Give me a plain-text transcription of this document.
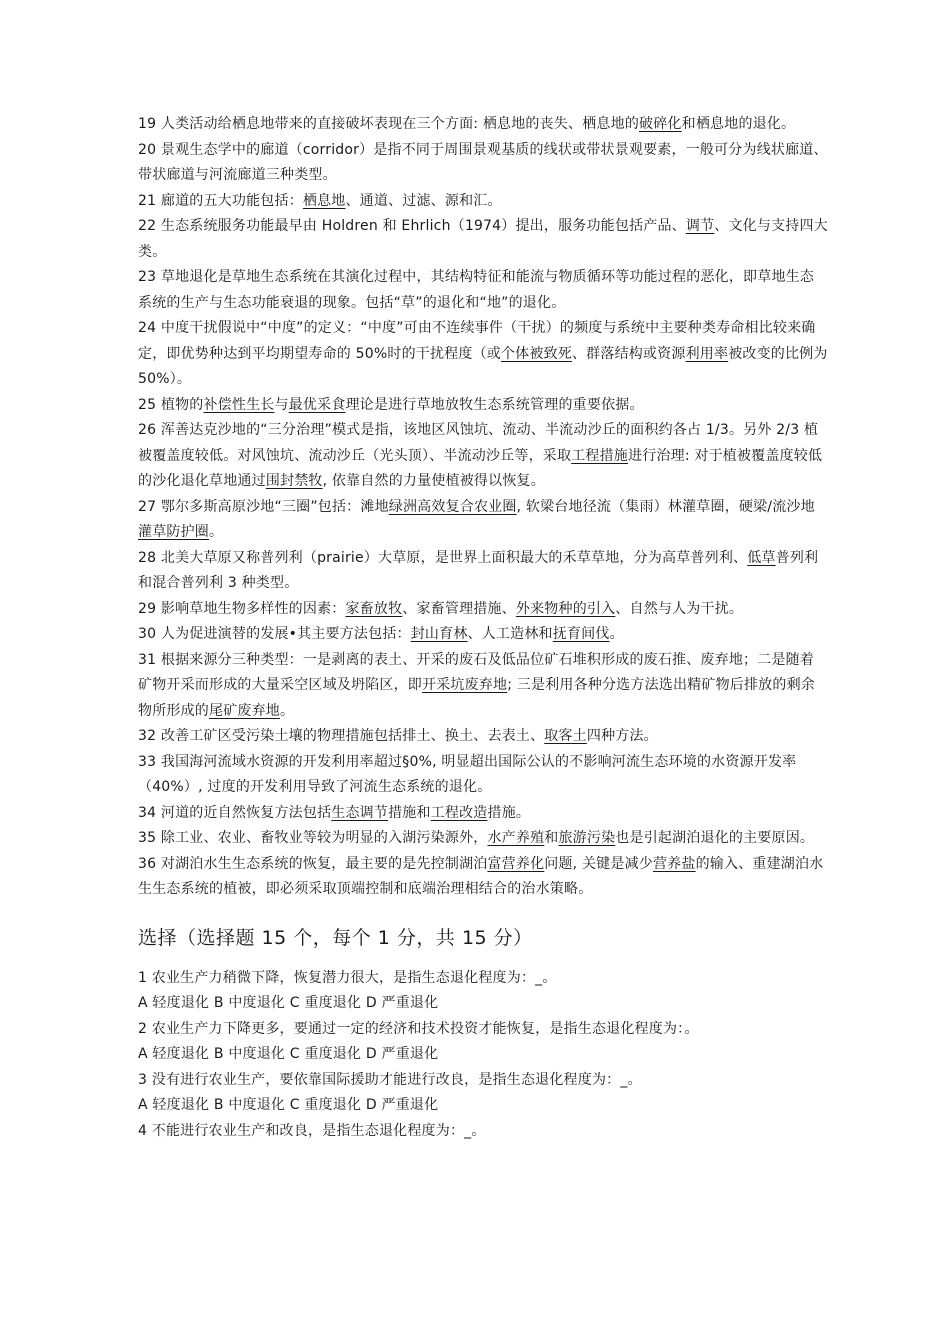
19 人类活动给栖息地带来的直接破坏表现在三个方面: 栖息地的丧失、栖息地的破碎化和栖息地的退化。

20 景观生态学中的廊道（corridor）是指不同于周围景观基质的线状或带状景观要素，一般可分为线状廊道、带状廊道与河流廊道三种类型。

21 廊道的五大功能包括：栖息地、通道、过滤、源和汇。

22 生态系统服务功能最早由 Holdren 和 Ehrlich（1974）提出，服务功能包括产品、调节、文化与支持四大类。

23 草地退化是草地生态系统在其演化过程中，其结构特征和能流与物质循环等功能过程的恶化，即草地生态系统的生产与生态功能衰退的现象。包括“草”的退化和“地”的退化。

24 中度干扰假说中“中度”的定义：“中度”可由不连续事件（干扰）的频度与系统中主要种类寿命相比较来确定，即优势种达到平均期望寿命的 50%时的干扰程度（或个体被致死、群落结构或资源利用率被改变的比例为 50%）。

25 植物的补偿性生长与最优采食理论是进行草地放牧生态系统管理的重要依据。

26 浑善达克沙地的“三分治理”模式是指，该地区风蚀坑、流动、半流动沙丘的面积约各占 1/3。另外 2/3 植被覆盖度较低。对风蚀坑、流动沙丘（光头顶）、半流动沙丘等，采取工程措施进行治理: 对于植被覆盖度较低的沙化退化草地通过围封禁牧, 依靠自然的力量使植被得以恢复。

27 鄂尔多斯高原沙地“三圈”包括：滩地绿洲高效复合农业圈, 软梁台地径流（集雨）林灌草圈，硬梁/流沙地灌草防护圈。

28 北美大草原又称普列利（prairie）大草原，是世界上面积最大的禾草草地，分为高草普列利、低草普列利和混合普列利 3 种类型。

29 影响草地生物多样性的因素：家畜放牧、家畜管理措施、外来物种的引入、自然与人为干扰。

30 人为促进演替的发展•其主要方法包括：封山育林、人工造林和抚育间伐。

31 根据来源分三种类型：一是剥离的表土、开采的废石及低品位矿石堆积形成的废石推、废弃地；二是随着矿物开采而形成的大量采空区域及坍陷区，即开采坑废弃地; 三是利用各种分选方法选出精矿物后排放的剩余物所形成的尾矿废弃地。

32 改善工矿区受污染土壤的物理措施包括排土、换土、去表土、取客土四种方法。

33 我国海河流域水资源的开发利用率超过§0%, 明显超出国际公认的不影响河流生态环境的水资源开发率（40%）, 过度的开发利用导致了河流生态系统的退化。

34 河道的近自然恢复方法包括生态调节措施和工程改造措施。

35 除工业、农业、畜牧业等较为明显的入湖污染源外，水产养殖和旅游污染也是引起湖泊退化的主要原因。

36 对湖泊水生生态系统的恢复，最主要的是先控制湖泊富营养化问题, 关键是减少营养盐的输入、重建湖泊水生生态系统的植被，即必须采取顶端控制和底端治理相结合的治水策略。

选择（选择题 15 个，每个 1 分，共 15 分）

1 农业生产力稍微下降，恢复潜力很大，是指生态退化程度为：_。

A 轻度退化 B 中度退化 C 重度退化 D 严重退化

2 农业生产力下降更多，要通过一定的经济和技术投资才能恢复，是指生态退化程度为：。

A 轻度退化 B 中度退化 C 重度退化 D 严重退化

3 没有进行农业生产，要依靠国际援助才能进行改良，是指生态退化程度为：_。

A 轻度退化 B 中度退化 C 重度退化 D 严重退化

4 不能进行农业生产和改良，是指生态退化程度为：_。
